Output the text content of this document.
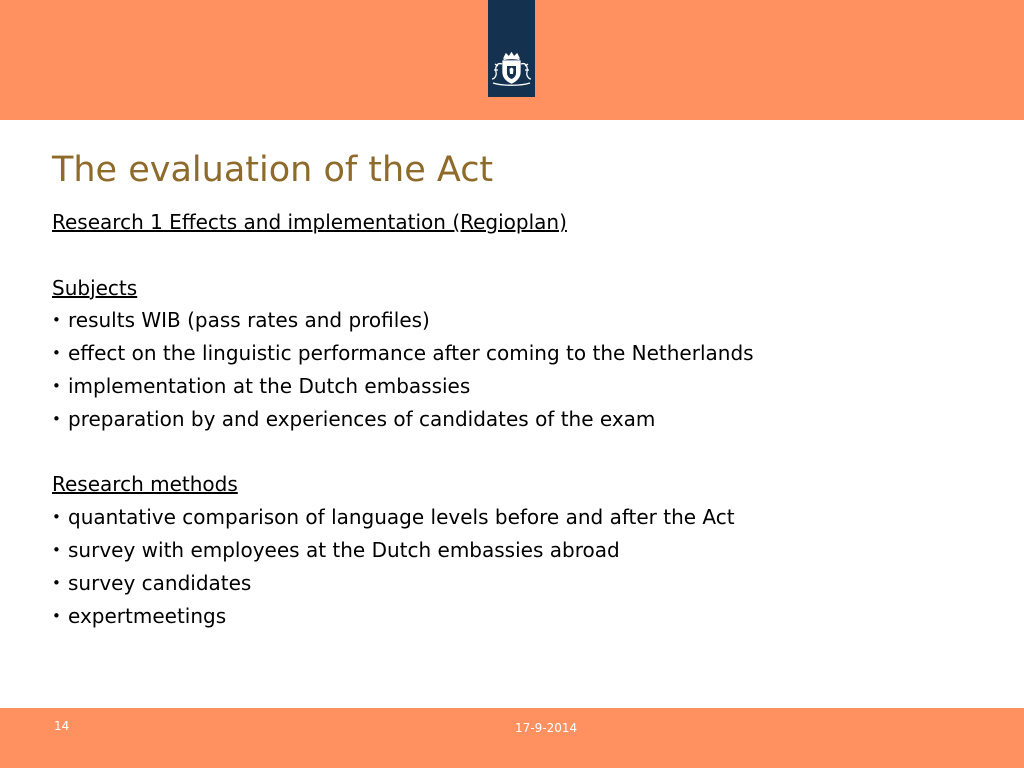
The evaluation of the Act
Research 1 Effects and implementation (Regioplan)
Subjects
• results WIB (pass rates and profiles)
• effect on the linguistic performance after coming to the Netherlands
• implementation at the Dutch embassies
• preparation by and experiences of candidates of the exam
Research methods
• quantative comparison of language levels before and after the Act
• survey with employees at the Dutch embassies abroad
• survey candidates
• expertmeetings
14	17-9-2014
